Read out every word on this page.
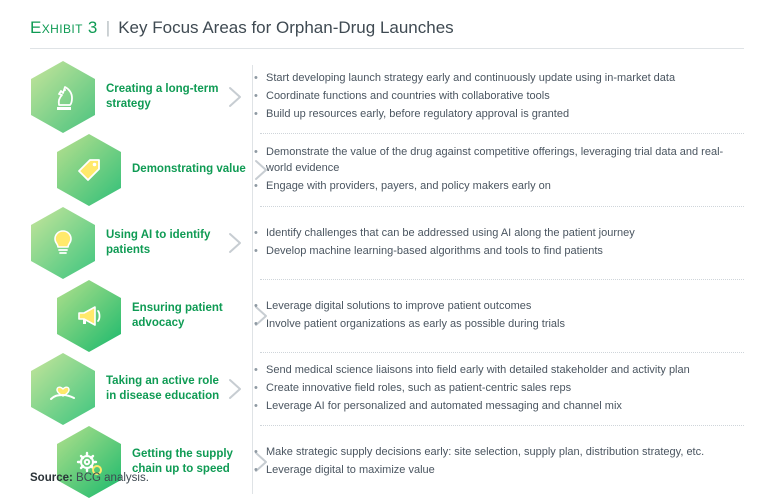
Exhibit 3 | Key Focus Areas for Orphan-Drug Launches
Creating a long-term strategy
• Start developing launch strategy early and continuously update using in-market data
• Coordinate functions and countries with collaborative tools
• Build up resources early, before regulatory approval is granted
Demonstrating value
• Demonstrate the value of the drug against competitive offerings, leveraging trial data and real-world evidence
• Engage with providers, payers, and policy makers early on
Using AI to identify patients
• Identify challenges that can be addressed using AI along the patient journey
• Develop machine learning-based algorithms and tools to find patients
Ensuring patient advocacy
• Leverage digital solutions to improve patient outcomes
• Involve patient organizations as early as possible during trials
Taking an active role in disease education
• Send medical science liaisons into field early with detailed stakeholder and activity plan
• Create innovative field roles, such as patient-centric sales reps
• Leverage AI for personalized and automated messaging and channel mix
Getting the supply chain up to speed
• Make strategic supply decisions early: site selection, supply plan, distribution strategy, etc.
• Leverage digital to maximize value
Source: BCG analysis.
